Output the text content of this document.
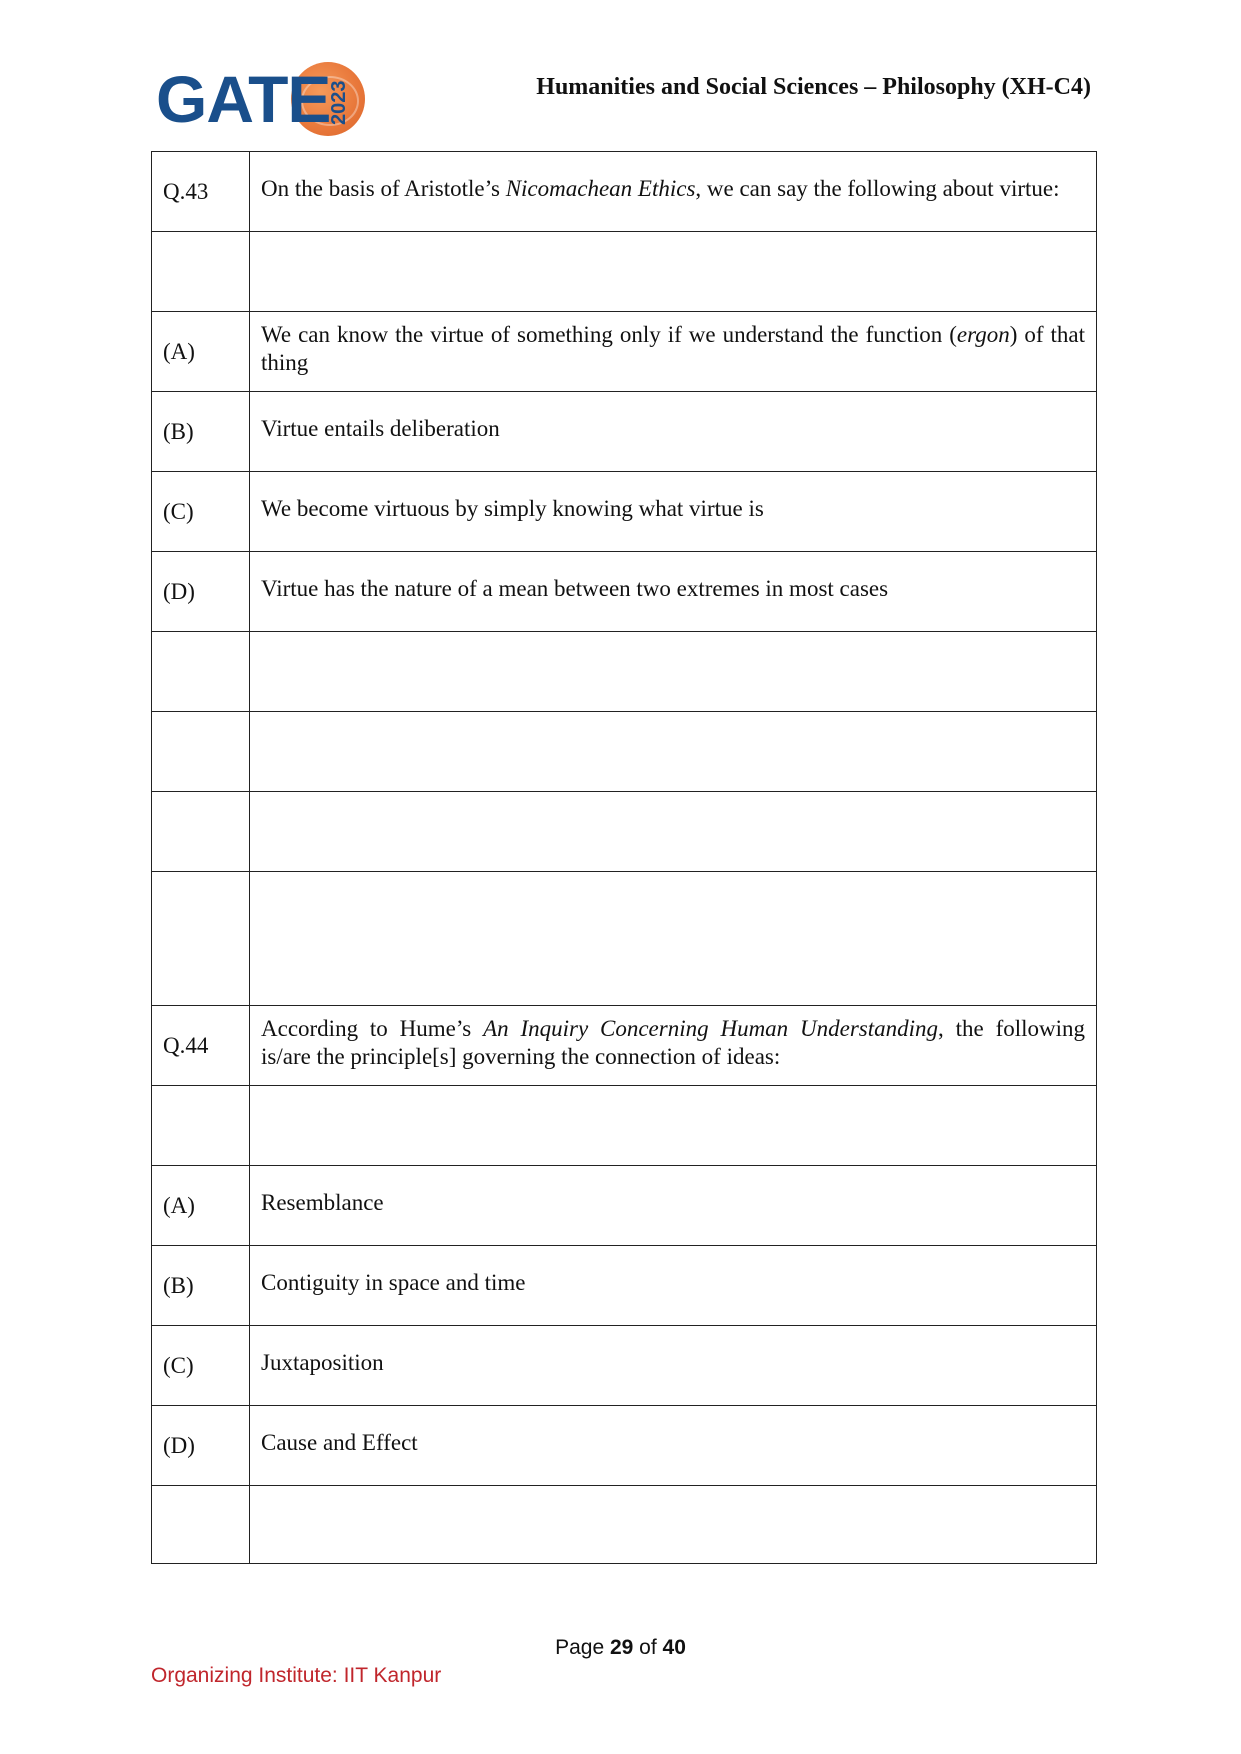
GATE
2023	Humanities and Social Sciences – Philosophy (XH-C4)
Q.43	On the basis of Aristotle’s Nicomachean Ethics, we can say the following about virtue:

(A)	We can know the virtue of something only if we understand the function (ergon) of that thing
(B)	Virtue entails deliberation
(C)	We become virtuous by simply knowing what virtue is
(D)	Virtue has the nature of a mean between two extremes in most cases

Q.44	According to Hume’s An Inquiry Concerning Human Understanding, the following is/are the principle[s] governing the connection of ideas:

(A)	Resemblance
(B)	Contiguity in space and time
(C)	Juxtaposition
(D)	Cause and Effect

Page 29 of 40
Organizing Institute: IIT Kanpur
